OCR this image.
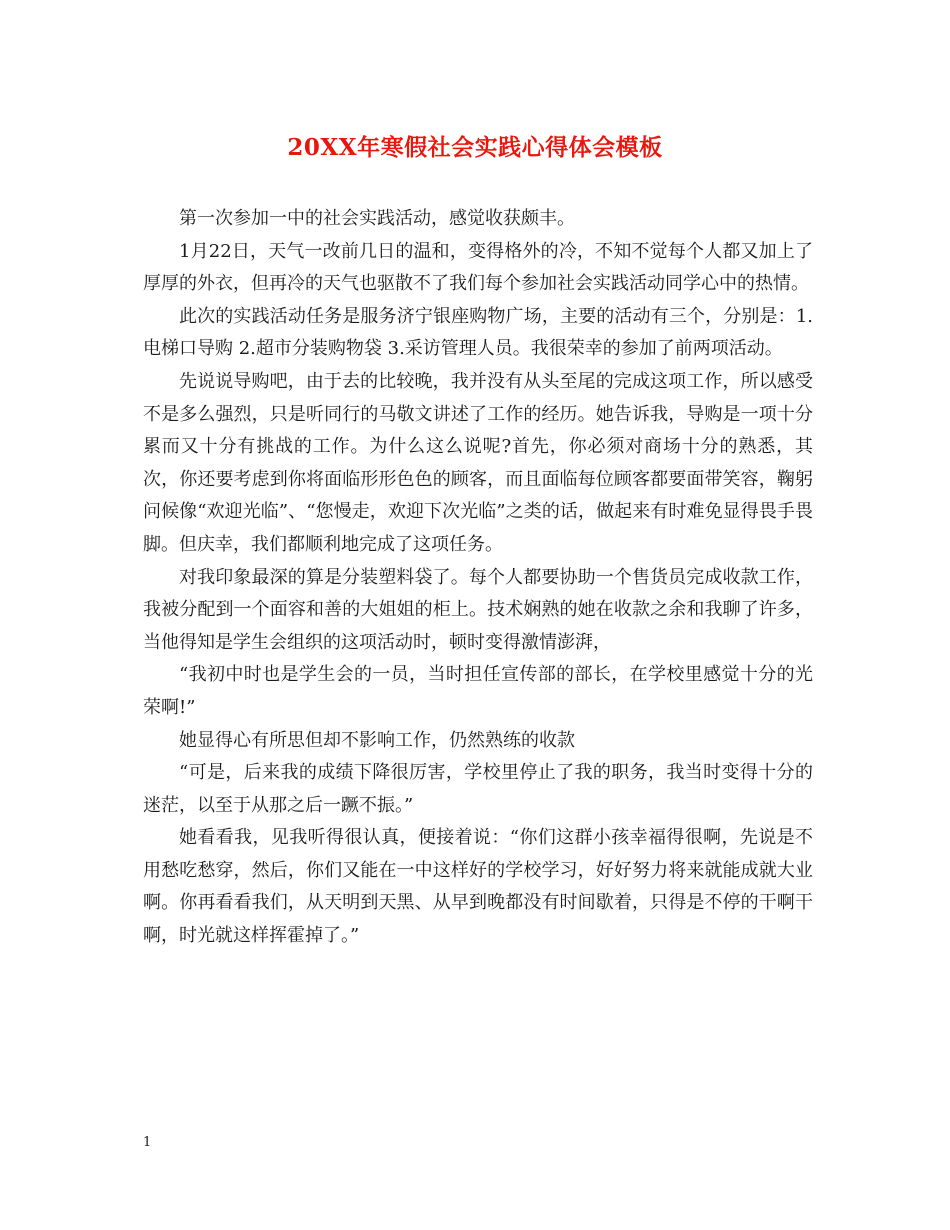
20XX年寒假社会实践心得体会模板

第一次参加一中的社会实践活动，感觉收获颇丰。

1月22日，天气一改前几日的温和，变得格外的冷，不知不觉每个人都又加上了厚厚的外衣，但再冷的天气也驱散不了我们每个参加社会实践活动同学心中的热情。

此次的实践活动任务是服务济宁银座购物广场，主要的活动有三个，分别是：1.电梯口导购 2.超市分装购物袋 3.采访管理人员。我很荣幸的参加了前两项活动。

先说说导购吧，由于去的比较晚，我并没有从头至尾的完成这项工作，所以感受不是多么强烈，只是听同行的马敬文讲述了工作的经历。她告诉我，导购是一项十分累而又十分有挑战的工作。为什么这么说呢?首先，你必须对商场十分的熟悉，其次，你还要考虑到你将面临形形色色的顾客，而且面临每位顾客都要面带笑容，鞠躬问候像“欢迎光临”、“您慢走，欢迎下次光临”之类的话，做起来有时难免显得畏手畏脚。但庆幸，我们都顺利地完成了这项任务。

对我印象最深的算是分装塑料袋了。每个人都要协助一个售货员完成收款工作，我被分配到一个面容和善的大姐姐的柜上。技术娴熟的她在收款之余和我聊了许多，当他得知是学生会组织的这项活动时，顿时变得激情澎湃，

“我初中时也是学生会的一员，当时担任宣传部的部长，在学校里感觉十分的光荣啊!”

她显得心有所思但却不影响工作，仍然熟练的收款

“可是，后来我的成绩下降很厉害，学校里停止了我的职务，我当时变得十分的迷茫，以至于从那之后一蹶不振。”

她看看我，见我听得很认真，便接着说：“你们这群小孩幸福得很啊，先说是不用愁吃愁穿，然后，你们又能在一中这样好的学校学习，好好努力将来就能成就大业啊。你再看看我们，从天明到天黑、从早到晚都没有时间歇着，只得是不停的干啊干啊，时光就这样挥霍掉了。”

1
